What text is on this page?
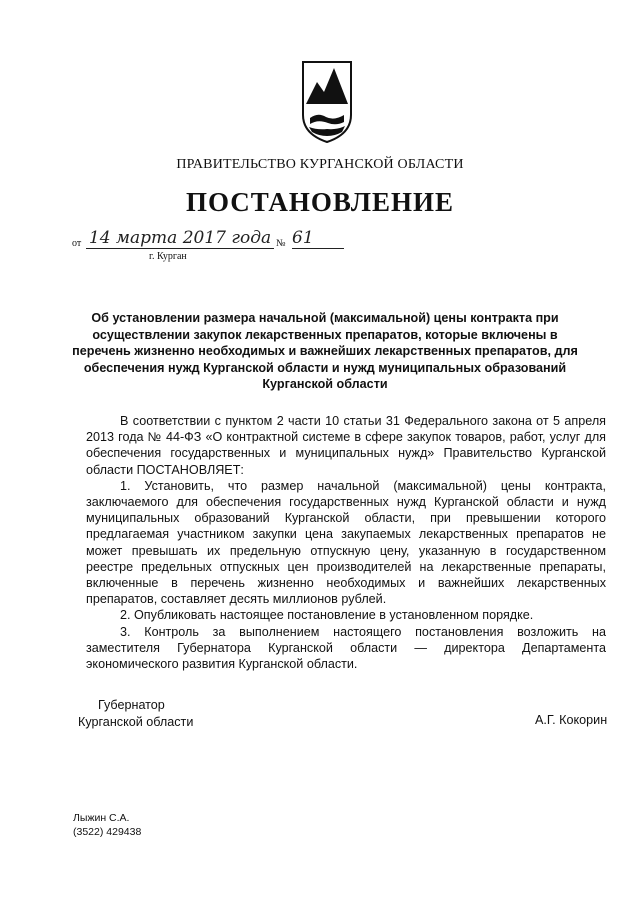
ПРАВИТЕЛЬСТВО КУРГАНСКОЙ ОБЛАСТИ
ПОСТАНОВЛЕНИЕ
от 14 марта 2017 года № 61
г. Курган
Об установлении размера начальной (максимальной) цены контракта при осуществлении закупок лекарственных препаратов, которые включены в перечень жизненно необходимых и важнейших лекарственных препаратов, для обеспечения нужд Курганской области и нужд муниципальных образований Курганской области

В соответствии с пунктом 2 части 10 статьи 31 Федерального закона от 5 апреля 2013 года № 44-ФЗ «О контрактной системе в сфере закупок товаров, работ, услуг для обеспечения государственных и муниципальных нужд» Правительство Курганской области ПОСТАНОВЛЯЕТ:

1. Установить, что размер начальной (максимальной) цены контракта, заключаемого для обеспечения государственных нужд Курганской области и нужд муниципальных образований Курганской области, при превышении которого предлагаемая участником закупки цена закупаемых лекарственных препаратов не может превышать их предельную отпускную цену, указанную в государственном реестре предельных отпускных цен производителей на лекарственные препараты, включенные в перечень жизненно необходимых и важнейших лекарственных препаратов, составляет десять миллионов рублей.

2. Опубликовать настоящее постановление в установленном порядке.

3. Контроль за выполнением настоящего постановления возложить на заместителя Губернатора Курганской области — директора Департамента экономического развития Курганской области.

Губернатор
Курганской области	А.Г. Кокорин
Лыжин С.А.
(3522) 429438
